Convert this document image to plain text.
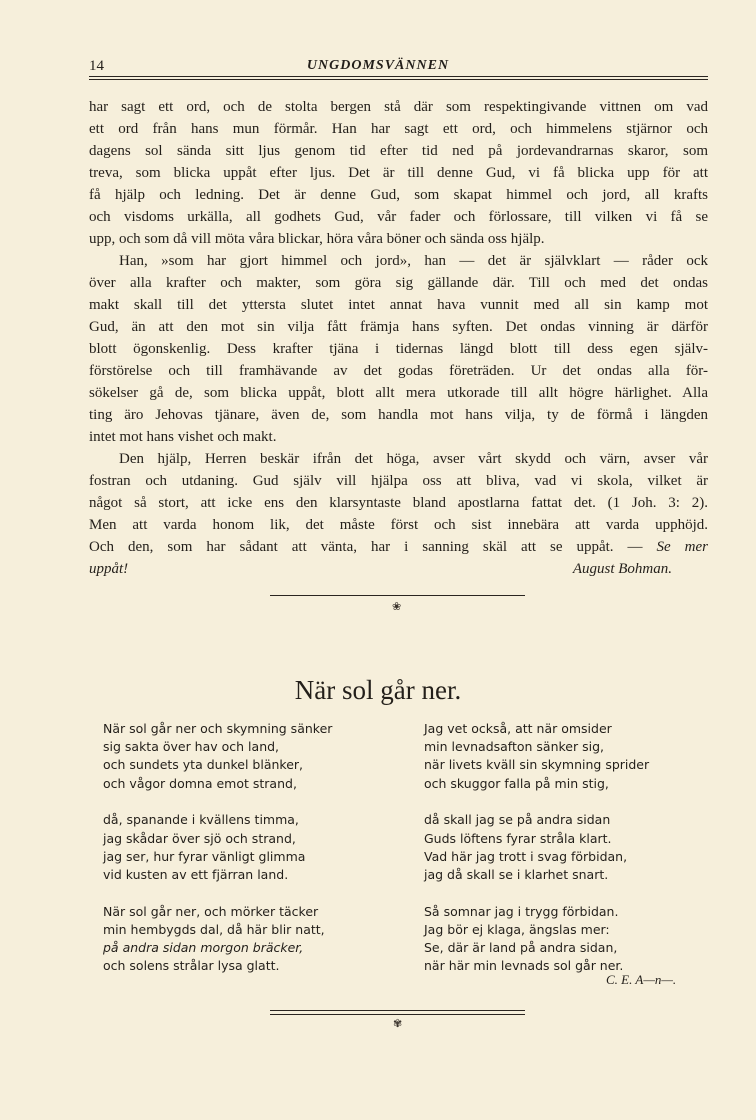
14	UNGDOMSVÄNNEN
har sagt ett ord, och de stolta bergen stå där som respektingivande vittnen om vad
ett ord från hans mun förmår. Han har sagt ett ord, och himmelens stjärnor och
dagens sol sända sitt ljus genom tid efter tid ned på jordevandrarnas skaror, som
treva, som blicka uppåt efter ljus. Det är till denne Gud, vi få blicka upp för att
få hjälp och ledning. Det är denne Gud, som skapat himmel och jord, all krafts
och visdoms urkälla, all godhets Gud, vår fader och förlossare, till vilken vi få se
upp, och som då vill möta våra blickar, höra våra böner och sända oss hjälp.
Han, »som har gjort himmel och jord», han — det är självklart — råder ock
över alla krafter och makter, som göra sig gällande där. Till och med det ondas
makt skall till det yttersta slutet intet annat hava vunnit med all sin kamp mot
Gud, än att den mot sin vilja fått främja hans syften. Det ondas vinning är därför
blott ögonskenlig. Dess krafter tjäna i tidernas längd blott till dess egen själv-
förstörelse och till framhävande av det godas företräden. Ur det ondas alla för-
sökelser gå de, som blicka uppåt, blott allt mera utkorade till allt högre härlighet. Alla
ting äro Jehovas tjänare, även de, som handla mot hans vilja, ty de förmå i längden
intet mot hans vishet och makt.
Den hjälp, Herren beskär ifrån det höga, avser vårt skydd och värn, avser vår
fostran och utdaning. Gud själv vill hjälpa oss att bliva, vad vi skola, vilket är
något så stort, att icke ens den klarsyntaste bland apostlarna fattat det. (1 Joh. 3: 2).
Men att varda honom lik, det måste först och sist innebära att varda upphöjd.
Och den, som har sådant att vänta, har i sanning skäl att se uppåt. — Se mer
uppåt!	August Bohman.
❀
När sol går ner.
När sol går ner och skymning sänker
sig sakta över hav och land,
och sundets yta dunkel blänker,
och vågor domna emot strand,
då, spanande i kvällens timma,
jag skådar över sjö och strand,
jag ser, hur fyrar vänligt glimma
vid kusten av ett fjärran land.
När sol går ner, och mörker täcker
min hembygds dal, då här blir natt,
på andra sidan morgon bräcker,
och solens strålar lysa glatt.
Jag vet också, att när omsider
min levnadsafton sänker sig,
när livets kväll sin skymning sprider
och skuggor falla på min stig,
då skall jag se på andra sidan
Guds löftens fyrar stråla klart.
Vad här jag trott i svag förbidan,
jag då skall se i klarhet snart.
Så somnar jag i trygg förbidan.
Jag bör ej klaga, ängslas mer:
Se, där är land på andra sidan,
när här min levnads sol går ner.
C. E. A—n—.
✾
